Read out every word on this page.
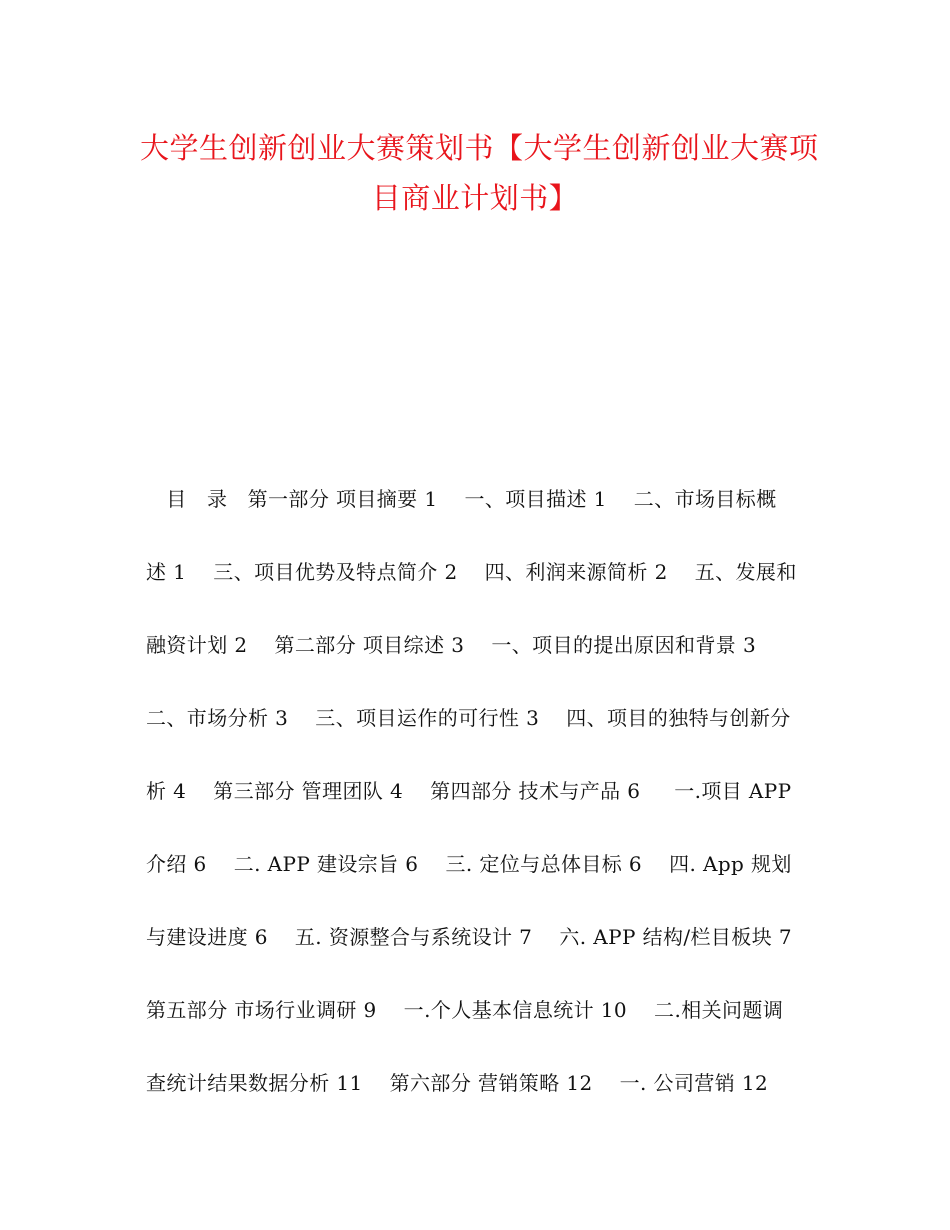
大学生创新创业大赛策划书【大学生创新创业大赛项
目商业计划书】
目   录   第一部分 项目摘要 1    一、项目描述 1    二、市场目标概
述 1    三、项目优势及特点简介 2    四、利润来源简析 2    五、发展和
融资计划 2    第二部分 项目综述 3    一、项目的提出原因和背景 3
二、市场分析 3    三、项目运作的可行性 3    四、项目的独特与创新分
析 4    第三部分 管理团队 4    第四部分 技术与产品 6     一.项目 APP
介绍 6    二. APP 建设宗旨 6    三. 定位与总体目标 6    四. App 规划
与建设进度 6    五. 资源整合与系统设计 7    六. APP 结构/栏目板块 7
第五部分 市场行业调研 9    一.个人基本信息统计 10    二.相关问题调
查统计结果数据分析 11    第六部分 营销策略 12    一. 公司营销 12
